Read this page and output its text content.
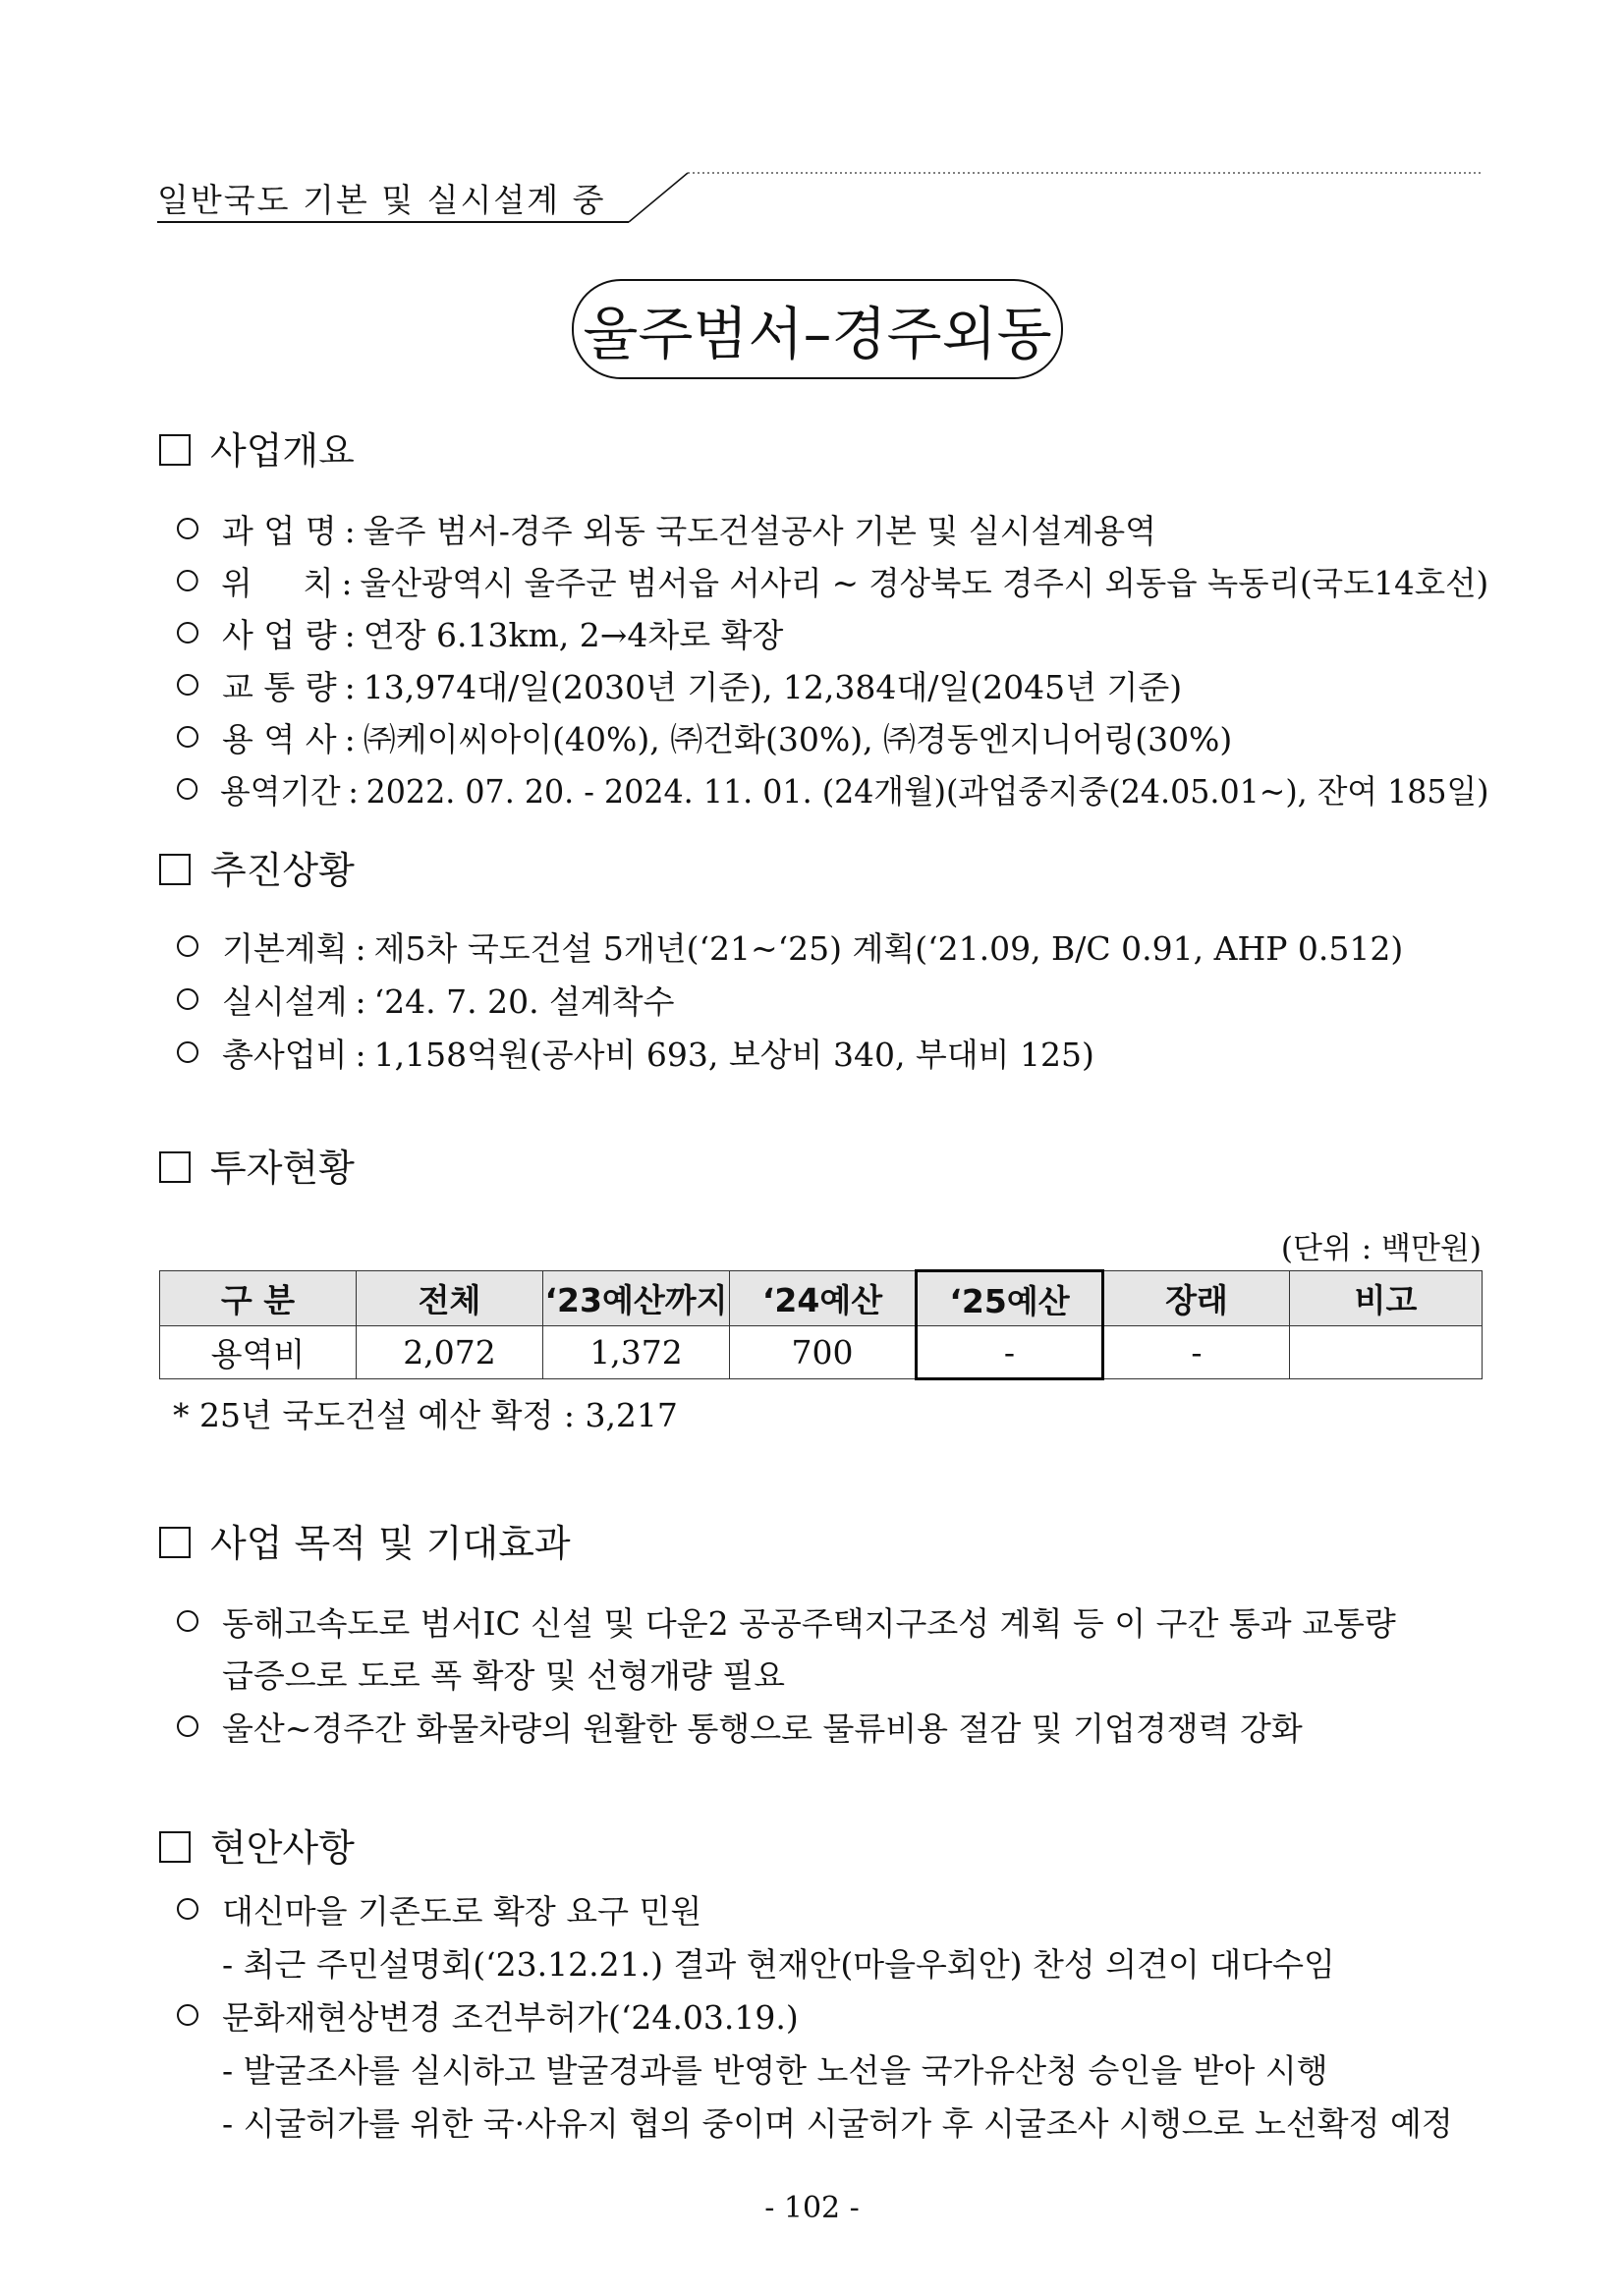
일반국도 기본 및 실시설계 중
울주범서–경주외동
사업개요
과 업 명 : 울주 범서-경주 외동 국도건설공사 기본 및 실시설계용역
위     치 : 울산광역시 울주군 범서읍 서사리 ~ 경상북도 경주시 외동읍 녹동리(국도14호선)
사 업 량 : 연장 6.13km, 2→4차로 확장
교 통 량 : 13,974대/일(2030년 기준), 12,384대/일(2045년 기준)
용 역 사 : ㈜케이씨아이(40%), ㈜건화(30%), ㈜경동엔지니어링(30%)
용역기간 : 2022. 07. 20. - 2024. 11. 01. (24개월)(과업중지중(24.05.01~), 잔여 185일)
추진상황
기본계획 : 제5차 국도건설 5개년(‘21~‘25) 계획(‘21.09, B/C 0.91, AHP 0.512)
실시설계 : ‘24. 7. 20. 설계착수
총사업비 : 1,158억원(공사비 693, 보상비 340, 부대비 125)
투자현황
(단위 : 백만원)
구 분	전체	‘23예산까지	‘24예산	‘25예산	장래	비고
용역비	2,072	1,372	700	-	-	
* 25년 국도건설 예산 확정 : 3,217
사업 목적 및 기대효과
동해고속도로 범서IC 신설 및 다운2 공공주택지구조성 계획 등 이 구간 통과 교통량
급증으로 도로 폭 확장 및 선형개량 필요
울산~경주간 화물차량의 원활한 통행으로 물류비용 절감 및 기업경쟁력 강화
현안사항
대신마을 기존도로 확장 요구 민원
- 최근 주민설명회(‘23.12.21.) 결과 현재안(마을우회안) 찬성 의견이 대다수임
문화재현상변경 조건부허가(‘24.03.19.)
- 발굴조사를 실시하고 발굴경과를 반영한 노선을 국가유산청 승인을 받아 시행
- 시굴허가를 위한 국·사유지 협의 중이며 시굴허가 후 시굴조사 시행으로 노선확정 예정
- 102 -
